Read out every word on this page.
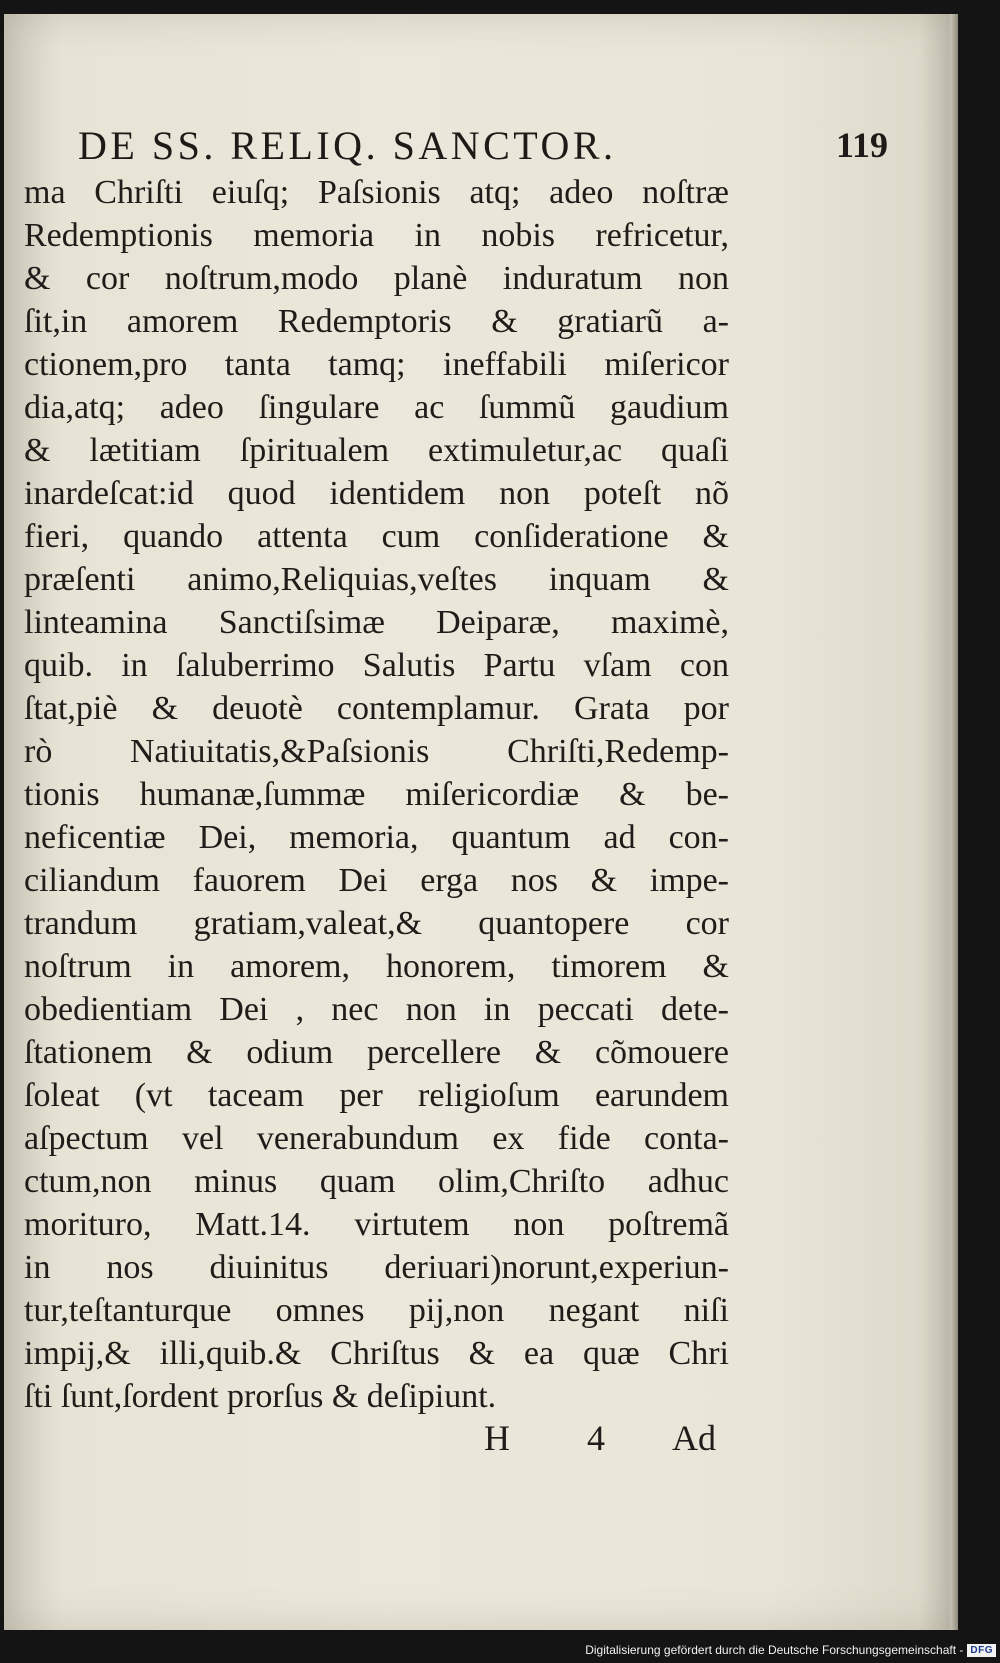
DE SS. RELIQ. SANCTOR.	119
ma Chriſti eiuſq; Paſsionis atq; adeo noſtræ
Redemptionis memoria in nobis refricetur,
& cor noſtrum,modo planè induratum non
ſit,in amorem Redemptoris & gratiarũ a-
ctionem,pro tanta tamq; ineffabili miſericor
dia,atq; adeo ſingulare ac ſummũ gaudium
& lætitiam ſpiritualem extimuletur,ac quaſi
inardeſcat:id quod identidem non poteſt nõ
fieri, quando attenta cum conſideratione &
præſenti animo,Reliquias,veſtes inquam &
linteamina Sanctiſsimæ Deiparæ, maximè,
quib. in ſaluberrimo Salutis Partu vſam con
ſtat,piè & deuotè contemplamur. Grata por
rò Natiuitatis,&Paſsionis Chriſti,Redemp-
tionis humanæ,ſummæ miſericordiæ & be-
neficentiæ Dei, memoria, quantum ad con-
ciliandum fauorem Dei erga nos & impe-
trandum gratiam,valeat,& quantopere cor
noſtrum in amorem, honorem, timorem &
obedientiam Dei , nec non in peccati dete-
ſtationem & odium percellere & cõmouere
ſoleat (vt taceam per religioſum earundem
aſpectum vel venerabundum ex fide conta-
ctum,non minus quam olim,Chriſto adhuc
morituro, Matt.14. virtutem non poſtremã
in nos diuinitus deriuari)norunt,experiun-
tur,teſtanturque omnes pij,non negant niſi
impij,& illi,quib.& Chriſtus & ea quæ Chri
ſti ſunt,ſordent prorſus & deſipiunt.
H 4 Ad
Digitalisierung gefördert durch die Deutsche Forschungsgemeinschaft - DFG
